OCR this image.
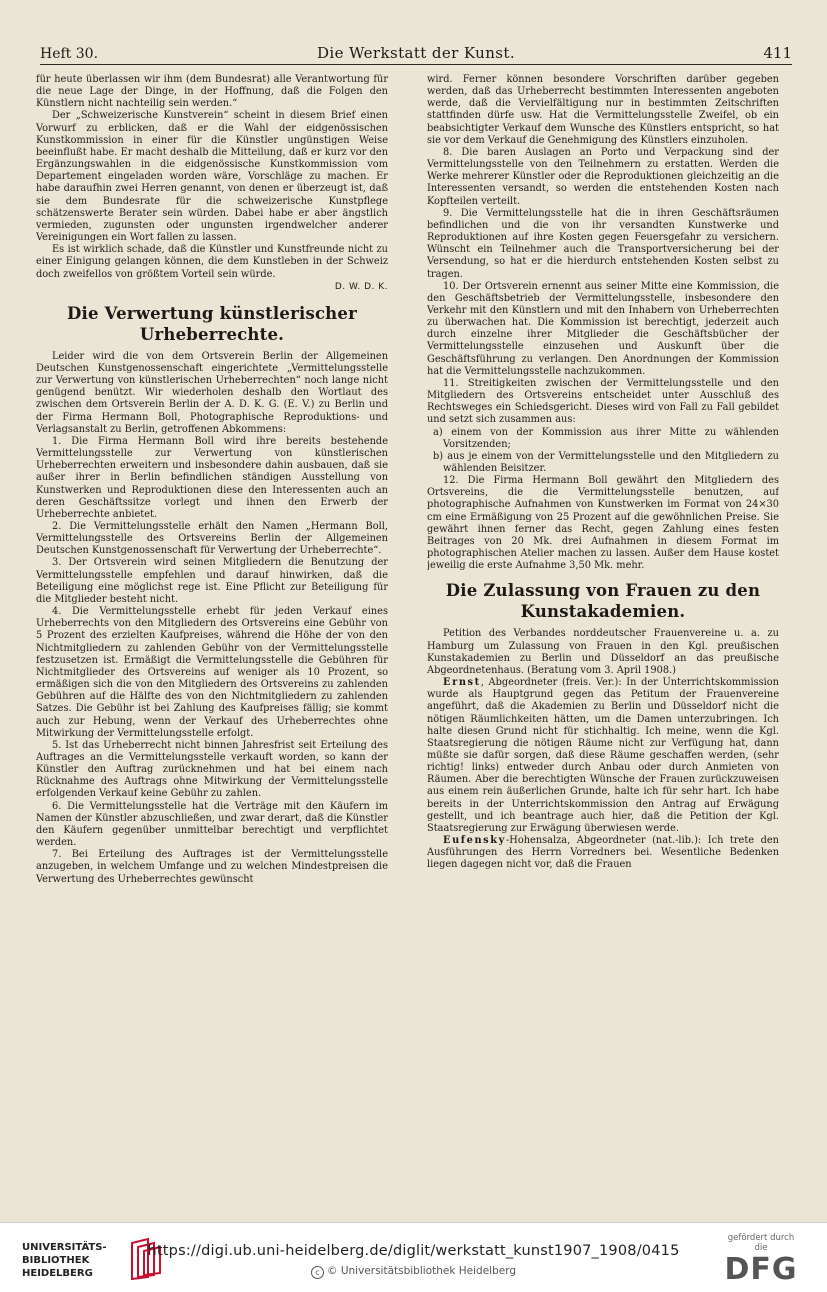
Heft 30.	Die Werkstatt der Kunst.	411

für heute überlassen wir ihm (dem Bundesrat) alle Verantwortung für die neue Lage der Dinge, in der Hoffnung, daß die Folgen den Künstlern nicht nachteilig sein werden.“

Der „Schweizerische Kunstverein“ scheint in diesem Brief einen Vorwurf zu erblicken, daß er die Wahl der eidgenössischen Kunstkommission in einer für die Künstler ungünstigen Weise beeinflußt habe. Er macht deshalb die Mitteilung, daß er kurz vor den Ergänzungswahlen in die eidgenössische Kunstkommission vom Departement eingeladen worden wäre, Vorschläge zu machen. Er habe daraufhin zwei Herren genannt, von denen er überzeugt ist, daß sie dem Bundesrate für die schweizerische Kunstpflege schätzenswerte Berater sein würden. Dabei habe er aber ängstlich vermieden, zugunsten oder ungunsten irgendwelcher anderer Vereinigungen ein Wort fallen zu lassen.

Es ist wirklich schade, daß die Künstler und Kunstfreunde nicht zu einer Einigung gelangen können, die dem Kunstleben in der Schweiz doch zweifellos von größtem Vorteil sein würde.

D. W. D. K.

Die Verwertung künstlerischer Urheberrechte.

Leider wird die von dem Ortsverein Berlin der Allgemeinen Deutschen Kunstgenossenschaft eingerichtete „Vermittelungsstelle zur Verwertung von künstlerischen Urheberrechten“ noch lange nicht genügend benützt. Wir wiederholen deshalb den Wortlaut des zwischen dem Ortsverein Berlin der A. D. K. G. (E. V.) zu Berlin und der Firma Hermann Boll, Photographische Reproduktions- und Verlagsanstalt zu Berlin, getroffenen Abkommens:

1. Die Firma Hermann Boll wird ihre bereits bestehende Vermittelungsstelle zur Verwertung von künstlerischen Urheberrechten erweitern und insbesondere dahin ausbauen, daß sie außer ihrer in Berlin befindlichen ständigen Ausstellung von Kunstwerken und Reproduktionen diese den Interessenten auch an deren Geschäftssitze vorlegt und ihnen den Erwerb der Urheberrechte anbietet.

2. Die Vermittelungsstelle erhält den Namen „Hermann Boll, Vermittelungsstelle des Ortsvereins Berlin der Allgemeinen Deutschen Kunstgenossenschaft für Verwertung der Urheberrechte“.

3. Der Ortsverein wird seinen Mitgliedern die Benutzung der Vermittelungsstelle empfehlen und darauf hinwirken, daß die Beteiligung eine möglichst rege ist. Eine Pflicht zur Beteiligung für die Mitglieder besteht nicht.

4. Die Vermittelungsstelle erhebt für jeden Verkauf eines Urheberrechts von den Mitgliedern des Ortsvereins eine Gebühr von 5 Prozent des erzielten Kaufpreises, während die Höhe der von den Nichtmitgliedern zu zahlenden Gebühr von der Vermittelungsstelle festzusetzen ist. Ermäßigt die Vermittelungsstelle die Gebühren für Nichtmitglieder des Ortsvereins auf weniger als 10 Prozent, so ermäßigen sich die von den Mitgliedern des Ortsvereins zu zahlenden Gebühren auf die Hälfte des von den Nichtmitgliedern zu zahlenden Satzes. Die Gebühr ist bei Zahlung des Kaufpreises fällig; sie kommt auch zur Hebung, wenn der Verkauf des Urheberrechtes ohne Mitwirkung der Vermittelungsstelle erfolgt.

5. Ist das Urheberrecht nicht binnen Jahresfrist seit Erteilung des Auftrages an die Vermittelungsstelle verkauft worden, so kann der Künstler den Auftrag zurücknehmen und hat bei einem nach Rücknahme des Auftrags ohne Mitwirkung der Vermittelungsstelle erfolgenden Verkauf keine Gebühr zu zahlen.

6. Die Vermittelungsstelle hat die Verträge mit den Käufern im Namen der Künstler abzuschließen, und zwar derart, daß die Künstler den Käufern gegenüber unmittelbar berechtigt und verpflichtet werden.

7. Bei Erteilung des Auftrages ist der Vermittelungsstelle anzugeben, in welchem Umfange und zu welchen Mindestpreisen die Verwertung des Urheberrechtes gewünscht

wird. Ferner können besondere Vorschriften darüber gegeben werden, daß das Urheberrecht bestimmten Interessenten angeboten werde, daß die Vervielfältigung nur in bestimmten Zeitschriften stattfinden dürfe usw. Hat die Vermittelungsstelle Zweifel, ob ein beabsichtigter Verkauf dem Wunsche des Künstlers entspricht, so hat sie vor dem Verkauf die Genehmigung des Künstlers einzuholen.

8. Die baren Auslagen an Porto und Verpackung sind der Vermittelungsstelle von den Teilnehmern zu erstatten. Werden die Werke mehrerer Künstler oder die Reproduktionen gleichzeitig an die Interessenten versandt, so werden die entstehenden Kosten nach Kopfteilen verteilt.

9. Die Vermittelungsstelle hat die in ihren Geschäftsräumen befindlichen und die von ihr versandten Kunstwerke und Reproduktionen auf ihre Kosten gegen Feuersgefahr zu versichern. Wünscht ein Teilnehmer auch die Transportversicherung bei der Versendung, so hat er die hierdurch entstehenden Kosten selbst zu tragen.

10. Der Ortsverein ernennt aus seiner Mitte eine Kommission, die den Geschäftsbetrieb der Vermittelungsstelle, insbesondere den Verkehr mit den Künstlern und mit den Inhabern von Urheberrechten zu überwachen hat. Die Kommission ist berechtigt, jederzeit auch durch einzelne ihrer Mitglieder die Geschäftsbücher der Vermittelungsstelle einzusehen und Auskunft über die Geschäftsführung zu verlangen. Den Anordnungen der Kommission hat die Vermittelungsstelle nachzukommen.

11. Streitigkeiten zwischen der Vermittelungsstelle und den Mitgliedern des Ortsvereins entscheidet unter Ausschluß des Rechtsweges ein Schiedsgericht. Dieses wird von Fall zu Fall gebildet und setzt sich zusammen aus:

a) einem von der Kommission aus ihrer Mitte zu wählenden Vorsitzenden;

b) aus je einem von der Vermittelungsstelle und den Mitgliedern zu wählenden Beisitzer.

12. Die Firma Hermann Boll gewährt den Mitgliedern des Ortsvereins, die die Vermittelungsstelle benutzen, auf photographische Aufnahmen von Kunstwerken im Format von 24×30 cm eine Ermäßigung von 25 Prozent auf die gewöhnlichen Preise. Sie gewährt ihnen ferner das Recht, gegen Zahlung eines festen Beitrages von 20 Mk. drei Aufnahmen in diesem Format im photographischen Atelier machen zu lassen. Außer dem Hause kostet jeweilig die erste Aufnahme 3,50 Mk. mehr.

Die Zulassung von Frauen zu den Kunstakademien.

Petition des Verbandes norddeutscher Frauenvereine u. a. zu Hamburg um Zulassung von Frauen in den Kgl. preußischen Kunstakademien zu Berlin und Düsseldorf an das preußische Abgeordnetenhaus. (Beratung vom 3. April 1908.)

Ernst, Abgeordneter (freis. Ver.): In der Unterrichtskommission wurde als Hauptgrund gegen das Petitum der Frauenvereine angeführt, daß die Akademien zu Berlin und Düsseldorf nicht die nötigen Räumlichkeiten hätten, um die Damen unterzubringen. Ich halte diesen Grund nicht für stichhaltig. Ich meine, wenn die Kgl. Staatsregierung die nötigen Räume nicht zur Verfügung hat, dann müßte sie dafür sorgen, daß diese Räume geschaffen werden, (sehr richtig! links) entweder durch Anbau oder durch Anmieten von Räumen. Aber die berechtigten Wünsche der Frauen zurückzuweisen aus einem rein äußerlichen Grunde, halte ich für sehr hart. Ich habe bereits in der Unterrichtskommission den Antrag auf Erwägung gestellt, und ich beantrage auch hier, daß die Petition der Kgl. Staatsregierung zur Erwägung überwiesen werde.

Eufensky-Hohensalza, Abgeordneter (nat.-lib.): Ich trete den Ausführungen des Herrn Vorredners bei. Wesentliche Bedenken liegen dagegen nicht vor, daß die Frauen

UNIVERSITÄTS-
BIBLIOTHEK
HEIDELBERG
https://digi.ub.uni-heidelberg.de/diglit/werkstatt_kunst1907_1908/0415
c © Universitätsbibliothek Heidelberg
gefördert durch die
DFG
